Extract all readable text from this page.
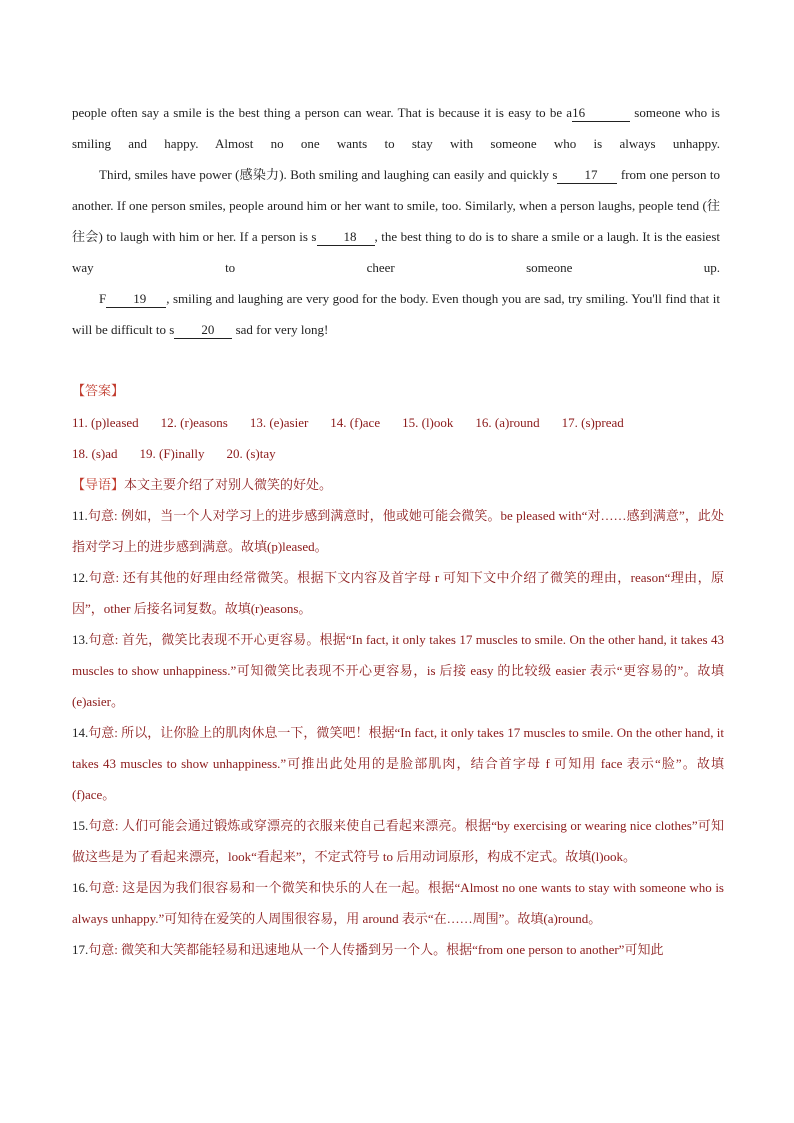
people often say a smile is the best thing a person can wear. That is because it is easy to be a16	someone who is smiling and happy. Almost no one wants to stay with someone who is always unhappy.

Third, smiles have power (感染力). Both smiling and laughing can easily and quickly s 17 from one person to another. If one person smiles, people around him or her want to smile, too. Similarly, when a person laughs, people tend (往往会) to laugh with him or her. If a person is s 18 , the best thing to do is to share a smile or a laugh. It is the easiest way to cheer someone up.

F 19 , smiling and laughing are very good for the body. Even though you are sad, try smiling. You'll find that it will be difficult to s 20 sad for very long!

【答案】
11. (p)leased 12. (r)easons 13. (e)asier 14. (f)ace 15. (l)ook 16. (a)round 17. (s)pread
18. (s)ad 19. (F)inally 20. (s)tay
【导语】本文主要介绍了对别人微笑的好处。

11.句意: 例如，当一个人对学习上的进步感到满意时，他或她可能会微笑。be pleased with“对……感到满意”，此处指对学习上的进步感到满意。故填(p)leased。

12.句意: 还有其他的好理由经常微笑。根据下文内容及首字母 r 可知下文中介绍了微笑的理由，reason“理由，原因”，other 后接名词复数。故填(r)easons。

13.句意: 首先，微笑比表现不开心更容易。根据“In fact, it only takes 17 muscles to smile. On the other hand, it takes 43 muscles to show unhappiness.”可知微笑比表现不开心更容易，is 后接 easy 的比较级 easier 表示“更容易的”。故填(e)asier。

14.句意: 所以，让你脸上的肌肉休息一下，微笑吧！根据“In fact, it only takes 17 muscles to smile. On the other hand, it takes 43 muscles to show unhappiness.”可推出此处用的是脸部肌肉，结合首字母 f 可知用 face 表示“脸”。故填(f)ace。

15.句意: 人们可能会通过锻炼或穿漂亮的衣服来使自己看起来漂亮。根据“by exercising or wearing nice clothes”可知做这些是为了看起来漂亮，look“看起来”，不定式符号 to 后用动词原形，构成不定式。故填(l)ook。

16.句意: 这是因为我们很容易和一个微笑和快乐的人在一起。根据“Almost no one wants to stay with someone who is always unhappy.”可知待在爱笑的人周围很容易，用 around 表示“在……周围”。故填(a)round。

17.句意: 微笑和大笑都能轻易和迅速地从一个人传播到另一个人。根据“from one person to another”可知此
